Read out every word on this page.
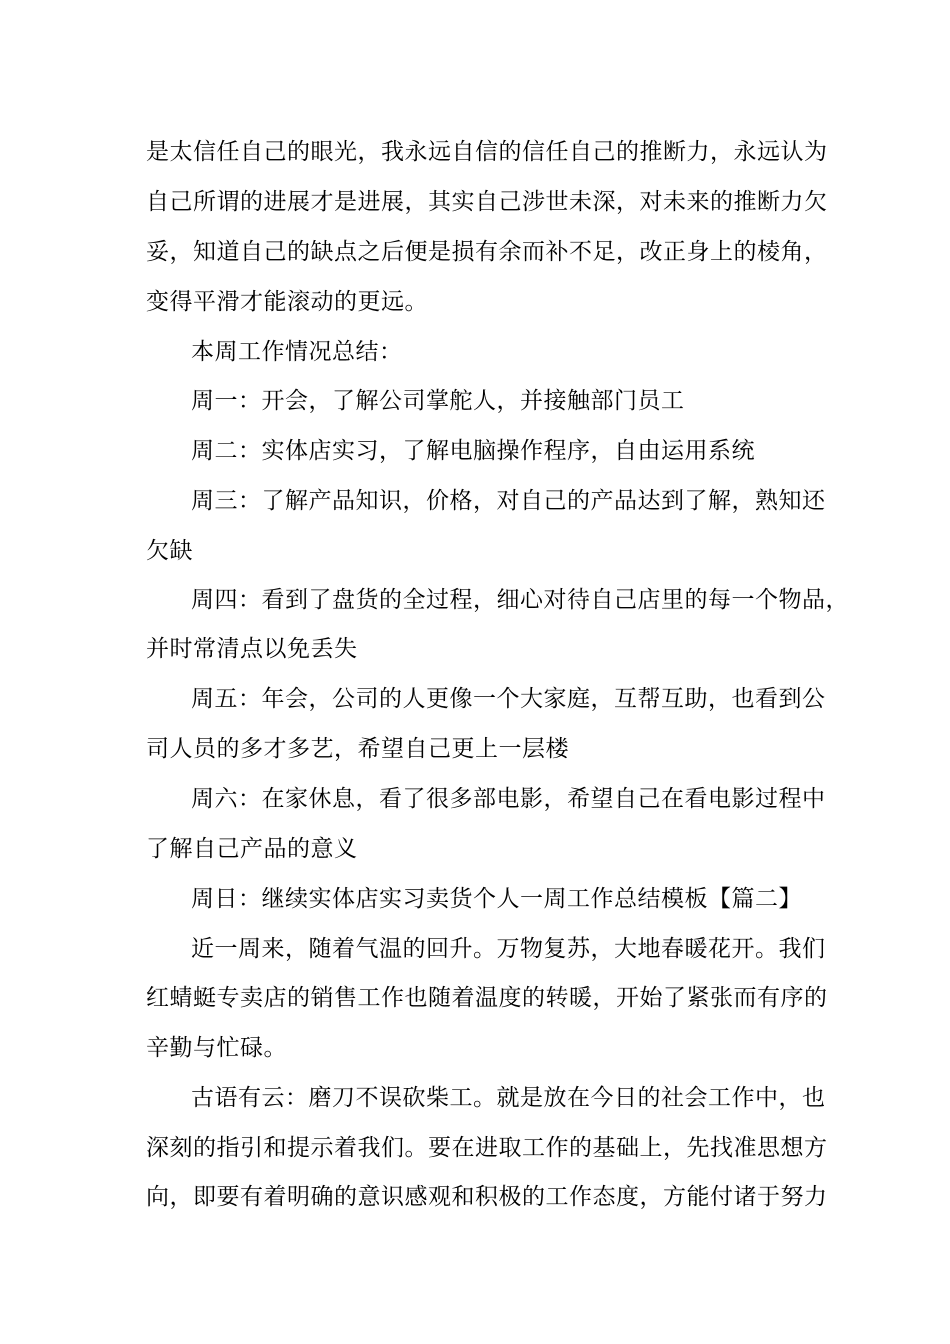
是太信任自己的眼光，我永远自信的信任自己的推断力，永远认为

自己所谓的进展才是进展，其实自己涉世未深，对未来的推断力欠

妥，知道自己的缺点之后便是损有余而补不足，改正身上的棱角，

变得平滑才能滚动的更远。

本周工作情况总结：

周一：开会，了解公司掌舵人，并接触部门员工

周二：实体店实习，了解电脑操作程序，自由运用系统

周三：了解产品知识，价格，对自己的产品达到了解，熟知还

欠缺

周四：看到了盘货的全过程，细心对待自己店里的每一个物品，

并时常清点以免丢失

周五：年会，公司的人更像一个大家庭，互帮互助，也看到公

司人员的多才多艺，希望自己更上一层楼

周六：在家休息，看了很多部电影，希望自己在看电影过程中

了解自己产品的意义

周日：继续实体店实习卖货个人一周工作总结模板【篇二】

近一周来，随着气温的回升。万物复苏，大地春暖花开。我们

红蜻蜓专卖店的销售工作也随着温度的转暖，开始了紧张而有序的

辛勤与忙碌。

古语有云：磨刀不误砍柴工。就是放在今日的社会工作中，也

深刻的指引和提示着我们。要在进取工作的基础上，先找准思想方

向，即要有着明确的意识感观和积极的工作态度，方能付诸于努力
